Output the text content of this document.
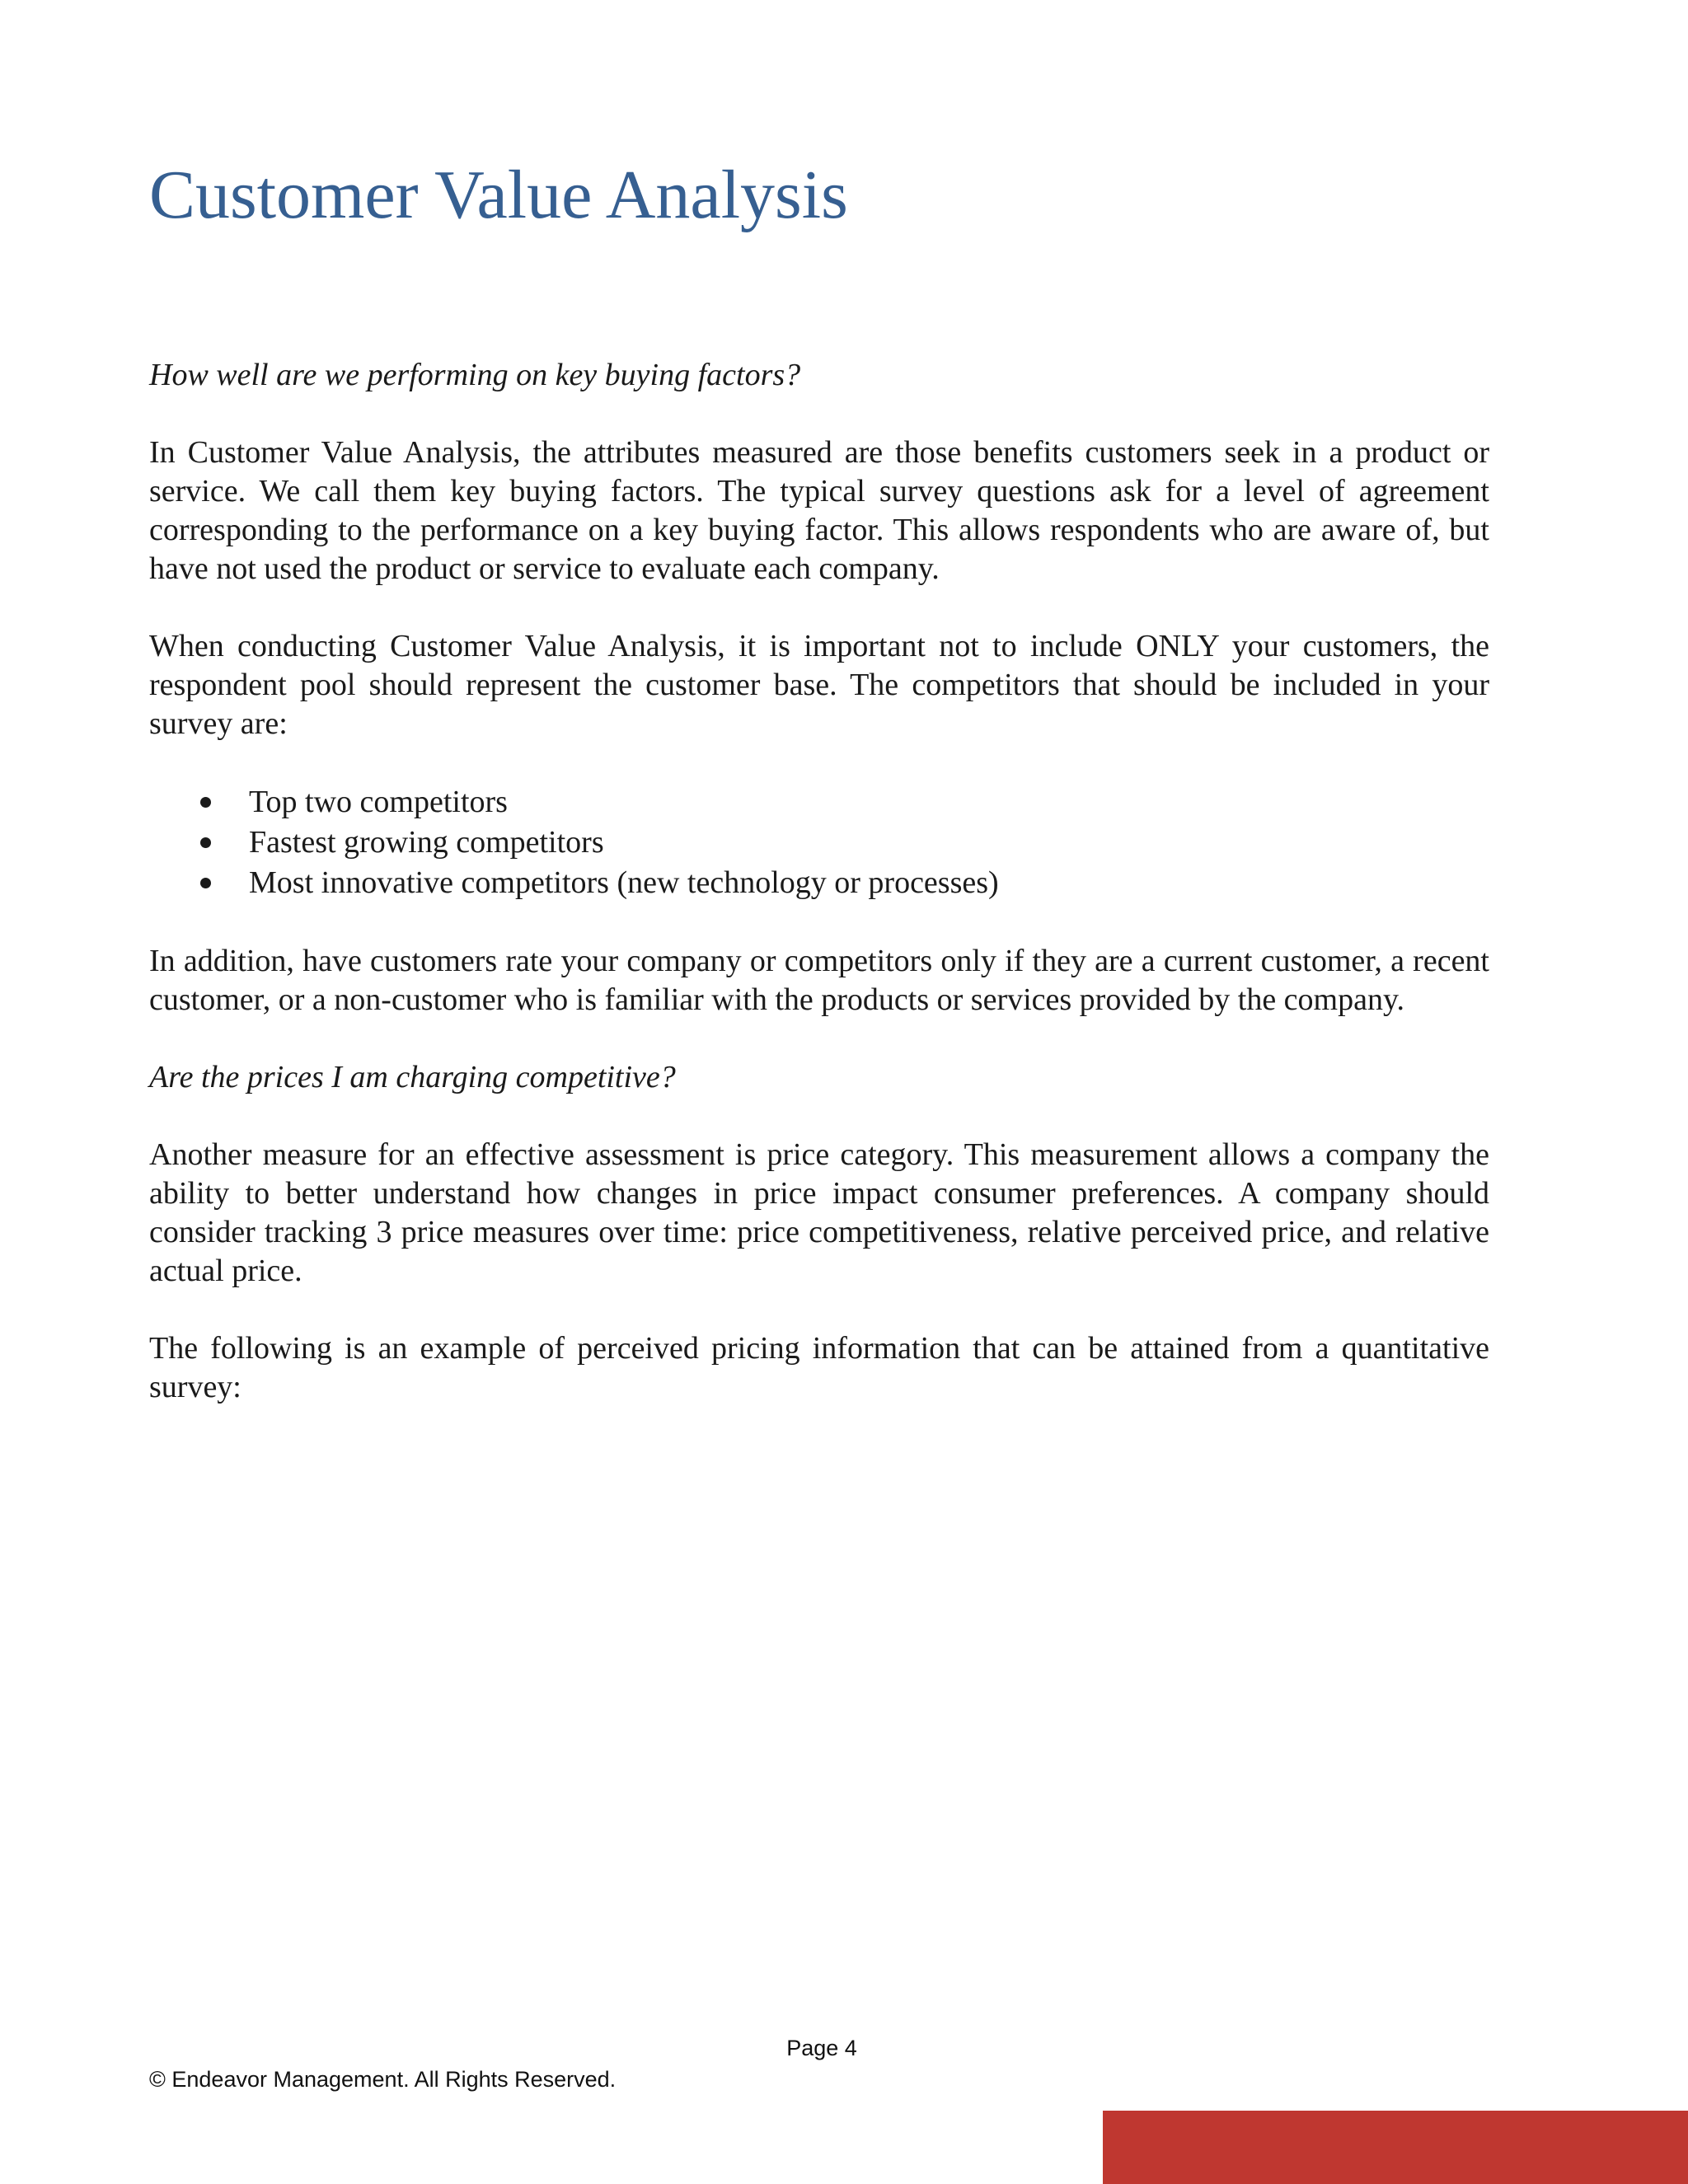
Customer Value Analysis

How well are we performing on key buying factors?

In Customer Value Analysis, the attributes measured are those benefits customers seek in a product or service. We call them key buying factors. The typical survey questions ask for a level of agreement corresponding to the performance on a key buying factor. This allows respondents who are aware of, but have not used the product or service to evaluate each company.

When conducting Customer Value Analysis, it is important not to include ONLY your customers, the respondent pool should represent the customer base. The competitors that should be included in your survey are:

Top two competitors
Fastest growing competitors
Most innovative competitors (new technology or processes)

In addition, have customers rate your company or competitors only if they are a current customer, a recent customer, or a non-customer who is familiar with the products or services provided by the company.

Are the prices I am charging competitive?

Another measure for an effective assessment is price category. This measurement allows a company the ability to better understand how changes in price impact consumer preferences. A company should consider tracking 3 price measures over time: price competitiveness, relative perceived price, and relative actual price.

The following is an example of perceived pricing information that can be attained from a quantitative survey:

Page 4
© Endeavor Management. All Rights Reserved.
